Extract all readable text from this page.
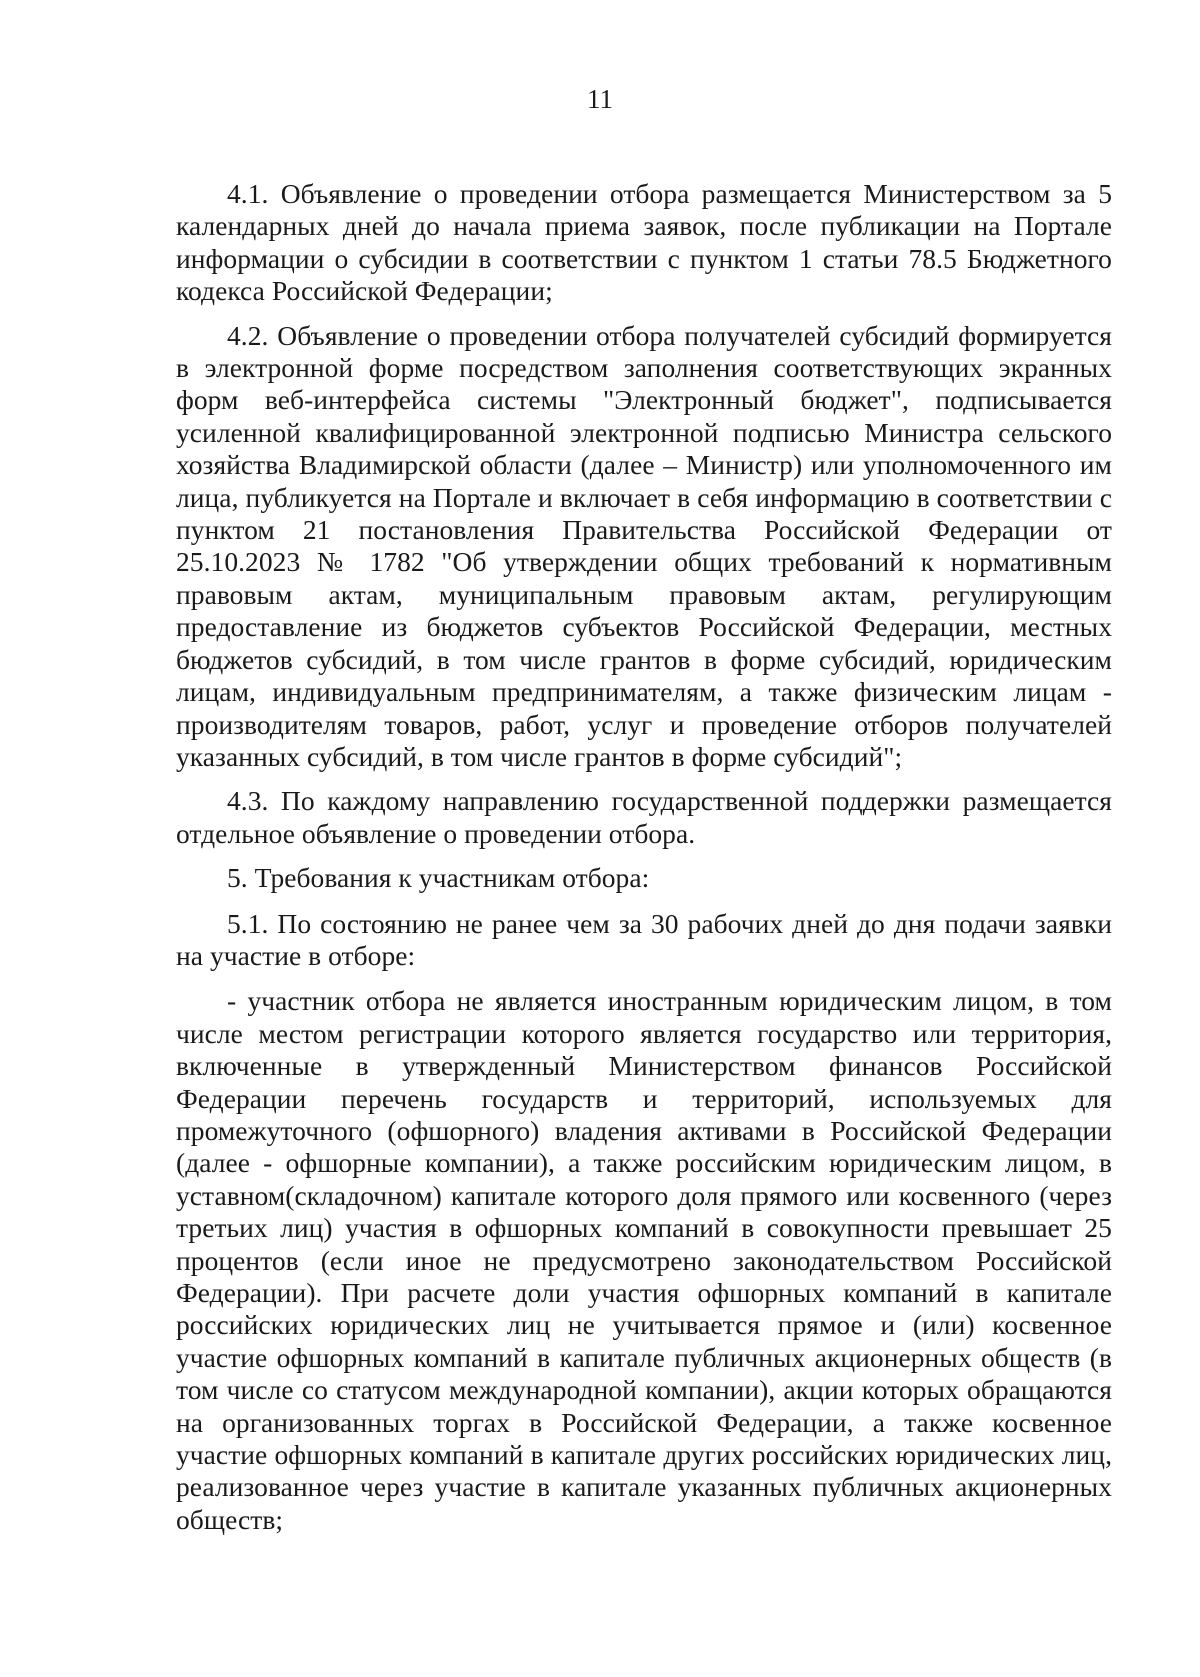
11

4.1. Объявление о проведении отбора размещается Министерством за 5 календарных дней до начала приема заявок, после публикации на Портале информации о субсидии в соответствии с пунктом 1 статьи 78.5 Бюджетного кодекса Российской Федерации;

4.2. Объявление о проведении отбора получателей субсидий формируется в электронной форме посредством заполнения соответствующих экранных форм веб-интерфейса системы "Электронный бюджет", подписывается усиленной квалифицированной электронной подписью Министра сельского хозяйства Владимирской области (далее – Министр) или уполномоченного им лица, публикуется на Портале и включает в себя информацию в соответствии с пунктом 21 постановления Правительства Российской Федерации от 25.10.2023 № 1782 "Об утверждении общих требований к нормативным правовым актам, муниципальным правовым актам, регулирующим предоставление из бюджетов субъектов Российской Федерации, местных бюджетов субсидий, в том числе грантов в форме субсидий, юридическим лицам, индивидуальным предпринимателям, а также физическим лицам - производителям товаров, работ, услуг и проведение отборов получателей указанных субсидий, в том числе грантов в форме субсидий";

4.3. По каждому направлению государственной поддержки размещается отдельное объявление о проведении отбора.

5. Требования к участникам отбора:

5.1. По состоянию не ранее чем за 30 рабочих дней до дня подачи заявки на участие в отборе:

- участник отбора не является иностранным юридическим лицом, в том числе местом регистрации которого является государство или территория, включенные в утвержденный Министерством финансов Российской Федерации перечень государств и территорий, используемых для промежуточного (офшорного) владения активами в Российской Федерации (далее - офшорные компании), а также российским юридическим лицом, в уставном(складочном) капитале которого доля прямого или косвенного (через третьих лиц) участия в офшорных компаний в совокупности превышает 25 процентов (если иное не предусмотрено законодательством Российской Федерации). При расчете доли участия офшорных компаний в капитале российских юридических лиц не учитывается прямое и (или) косвенное участие офшорных компаний в капитале публичных акционерных обществ (в том числе со статусом международной компании), акции которых обращаются на организованных торгах в Российской Федерации, а также косвенное участие офшорных компаний в капитале других российских юридических лиц, реализованное через участие в капитале указанных публичных акционерных обществ;
